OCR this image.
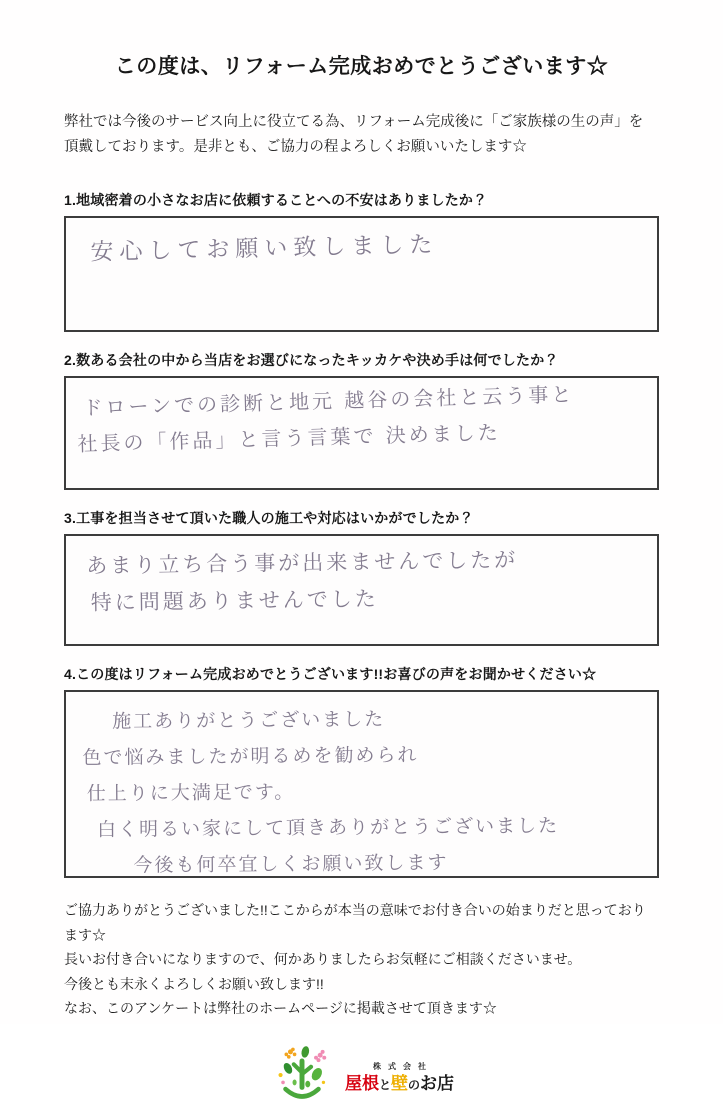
この度は、リフォーム完成おめでとうございます☆
弊社では今後のサービス向上に役立てる為、リフォーム完成後に「ご家族様の生の声」を
頂戴しております。是非とも、ご協力の程よろしくお願いいたします☆
1.地域密着の小さなお店に依頼することへの不安はありましたか？
安心してお願い致しました
2.数ある会社の中から当店をお選びになったキッカケや決め手は何でしたか？
ドローンでの診断と地元 越谷の会社と云う事と
社長の「作品」と言う言葉で 決めました
3.工事を担当させて頂いた職人の施工や対応はいかがでしたか？
あまり立ち合う事が出来ませんでしたが
特に問題ありませんでした
4.この度はリフォーム完成おめでとうございます!!お喜びの声をお聞かせください☆
施工ありがとうございました
色で悩みましたが明るめを勧められ
仕上りに大満足です。
白く明るい家にして頂きありがとうございました
今後も何卒宜しくお願い致します
ご協力ありがとうございました!!ここからが本当の意味でお付き合いの始まりだと思っております☆
長いお付き合いになりますので、何かありましたらお気軽にご相談くださいませ。
今後とも末永くよろしくお願い致します!!
なお、このアンケートは弊社のホームページに掲載させて頂きます☆
株式会社
屋根と壁のお店
